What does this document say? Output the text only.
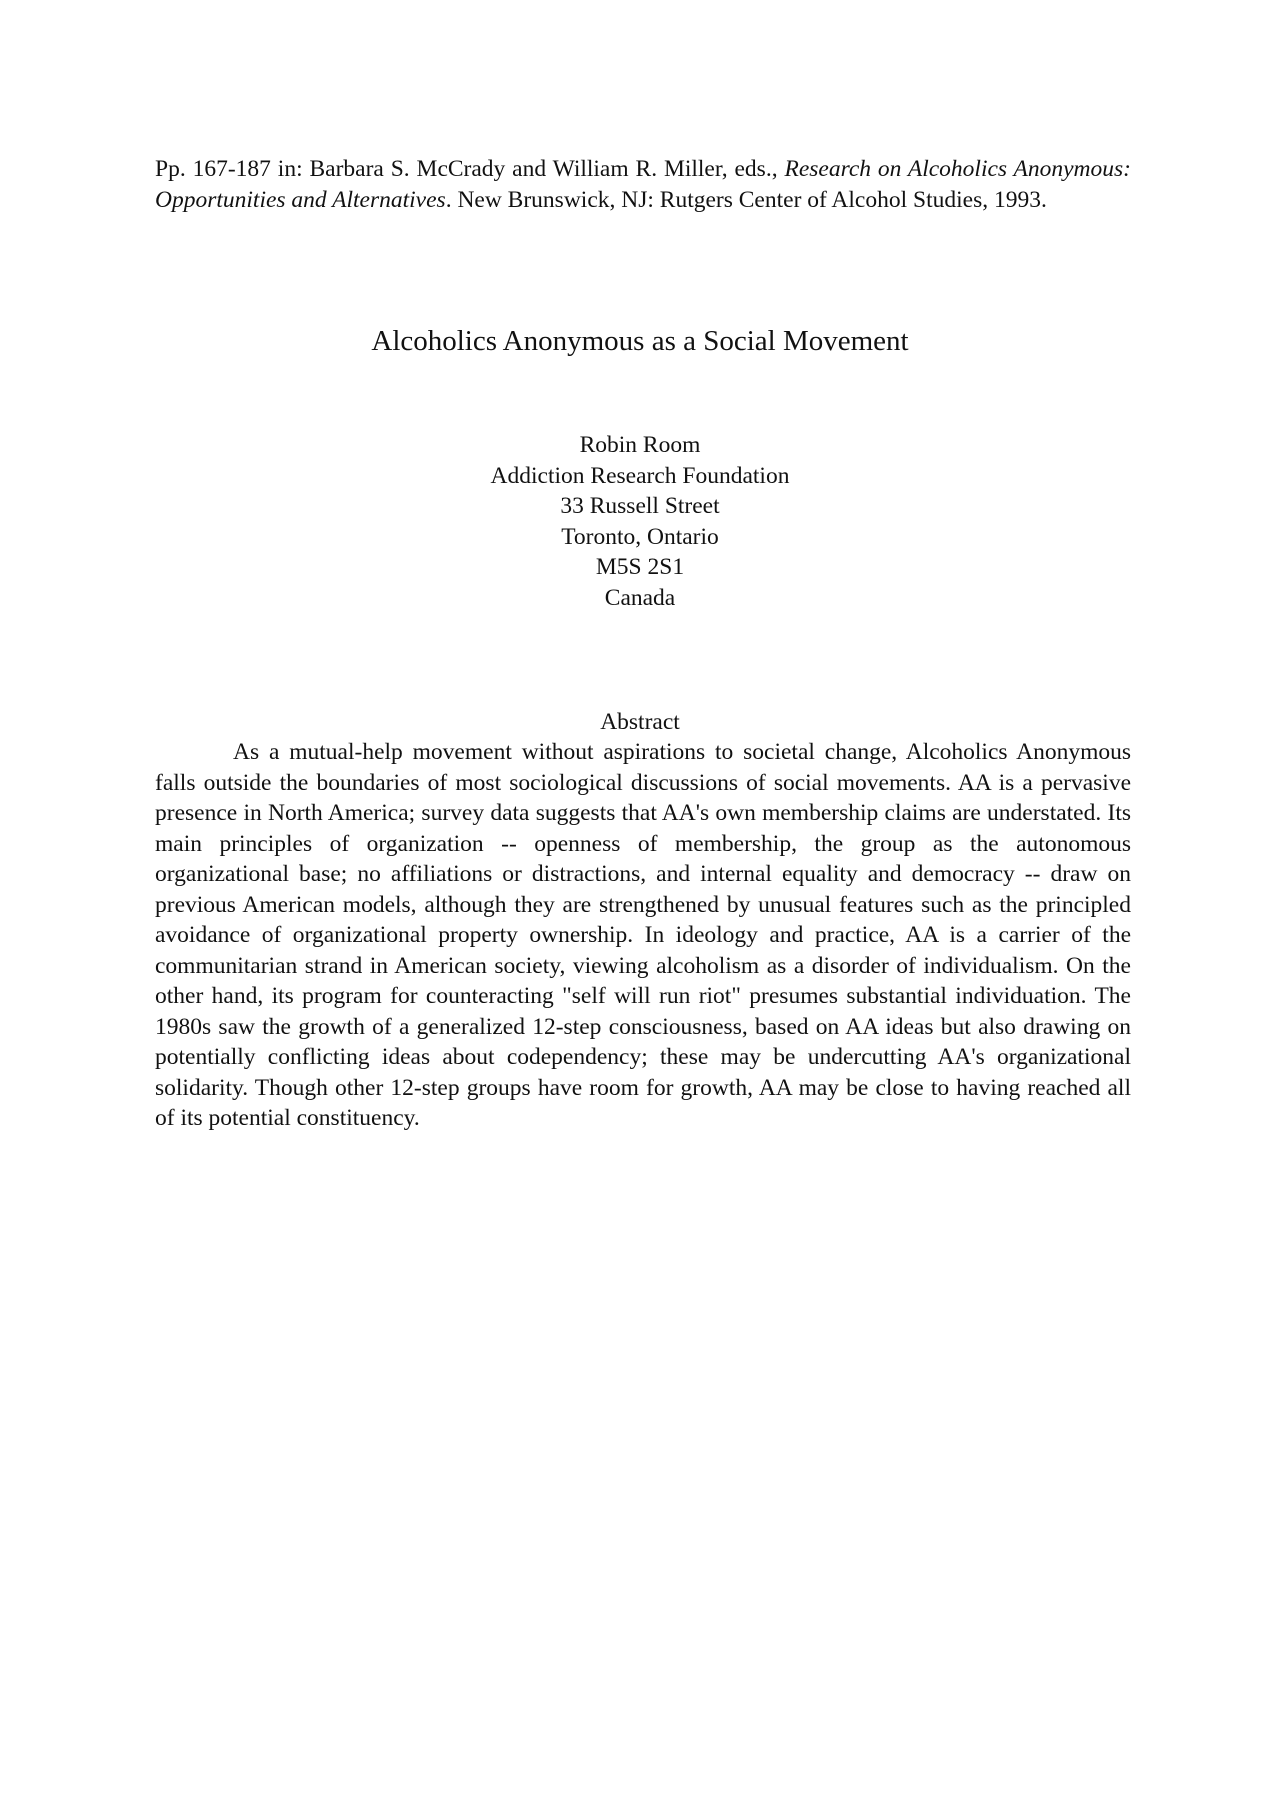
Pp. 167-187 in: Barbara S. McCrady and William R. Miller, eds., Research on Alcoholics Anonymous: Opportunities and Alternatives. New Brunswick, NJ: Rutgers Center of Alcohol Studies, 1993.

Alcoholics Anonymous as a Social Movement
Robin Room
Addiction Research Foundation
33 Russell Street
Toronto, Ontario
M5S 2S1
Canada
Abstract

As a mutual-help movement without aspirations to societal change, Alcoholics Anonymous falls outside the boundaries of most sociological discussions of social movements. AA is a pervasive presence in North America; survey data suggests that AA's own membership claims are understated. Its main principles of organization -- openness of membership, the group as the autonomous organizational base; no affiliations or distractions, and internal equality and democracy -- draw on previous American models, although they are strengthened by unusual features such as the principled avoidance of organizational property ownership. In ideology and practice, AA is a carrier of the communitarian strand in American society, viewing alcoholism as a disorder of individualism. On the other hand, its program for counteracting "self will run riot" presumes substantial individuation. The 1980s saw the growth of a generalized 12-step consciousness, based on AA ideas but also drawing on potentially conflicting ideas about codependency; these may be undercutting AA's organizational solidarity. Though other 12-step groups have room for growth, AA may be close to having reached all of its potential constituency.
